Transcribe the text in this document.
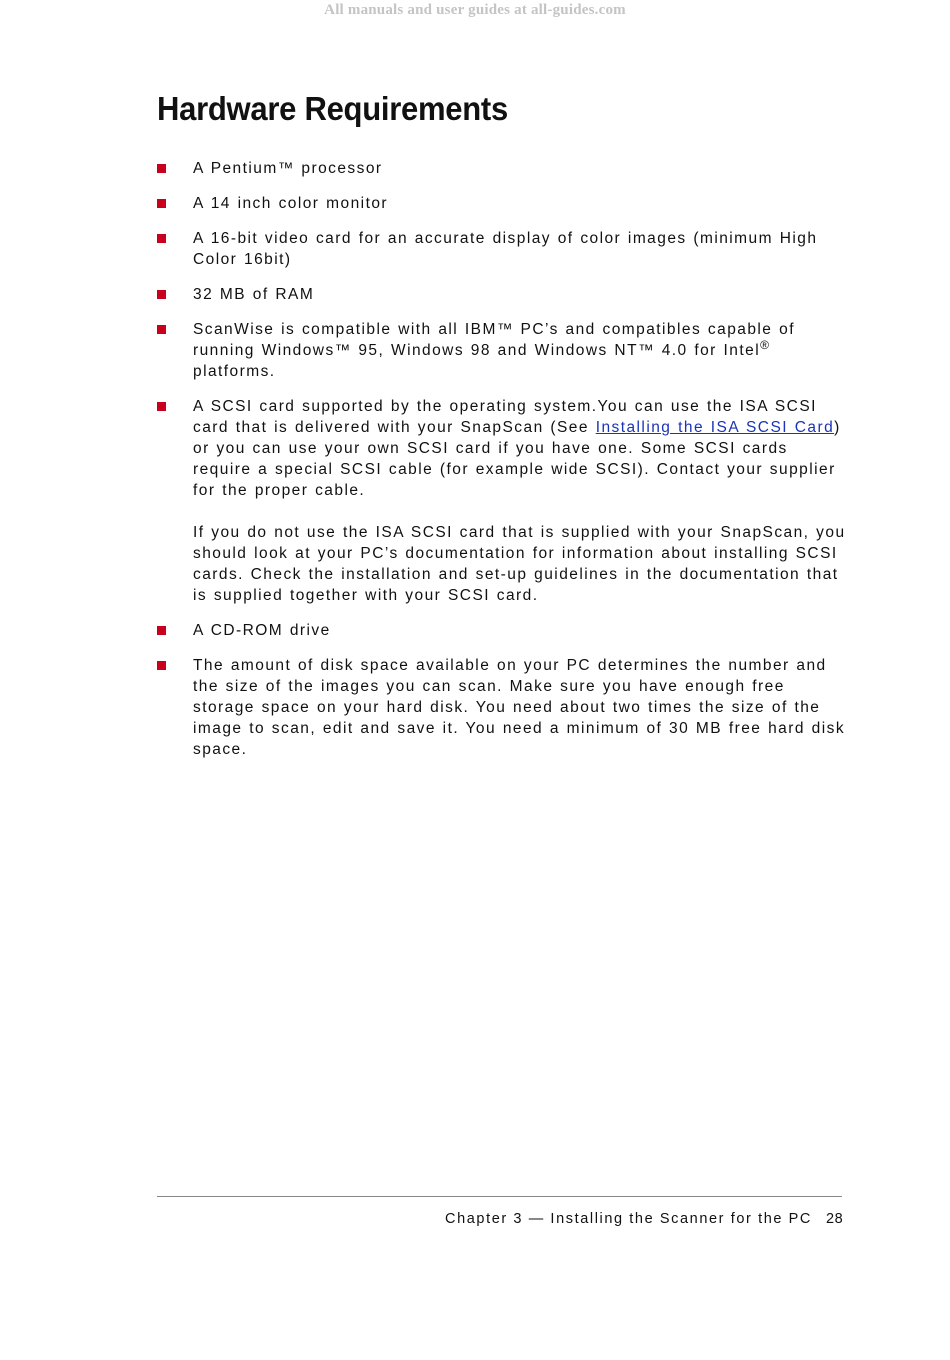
All manuals and user guides at all-guides.com
Hardware Requirements
A Pentium™ processor
A 14 inch color monitor
A 16-bit video card for an accurate display of color images (minimum High Color 16bit)
32 MB of RAM
ScanWise is compatible with all IBM™ PC’s and compatibles capable of running Windows™ 95, Windows 98 and Windows NT™ 4.0 for Intel® platforms.
A SCSI card supported by the operating system.You can use the ISA SCSI card that is delivered with your SnapScan (See Installing the ISA SCSI Card) or you can use your own SCSI card if you have one. Some SCSI cards require a special SCSI cable (for example wide SCSI). Contact your supplier for the proper cable.
If you do not use the ISA SCSI card that is supplied with your SnapScan, you should look at your PC’s documentation for information about installing SCSI cards. Check the installation and set-up guidelines in the documentation that is supplied together with your SCSI card.
A CD-ROM drive
The amount of disk space available on your PC determines the number and the size of the images you can scan. Make sure you have enough free storage space on your hard disk. You need about two times the size of the image to scan, edit and save it. You need a minimum of 30 MB free hard disk space.
Chapter 3 — Installing the Scanner for the PC 28
